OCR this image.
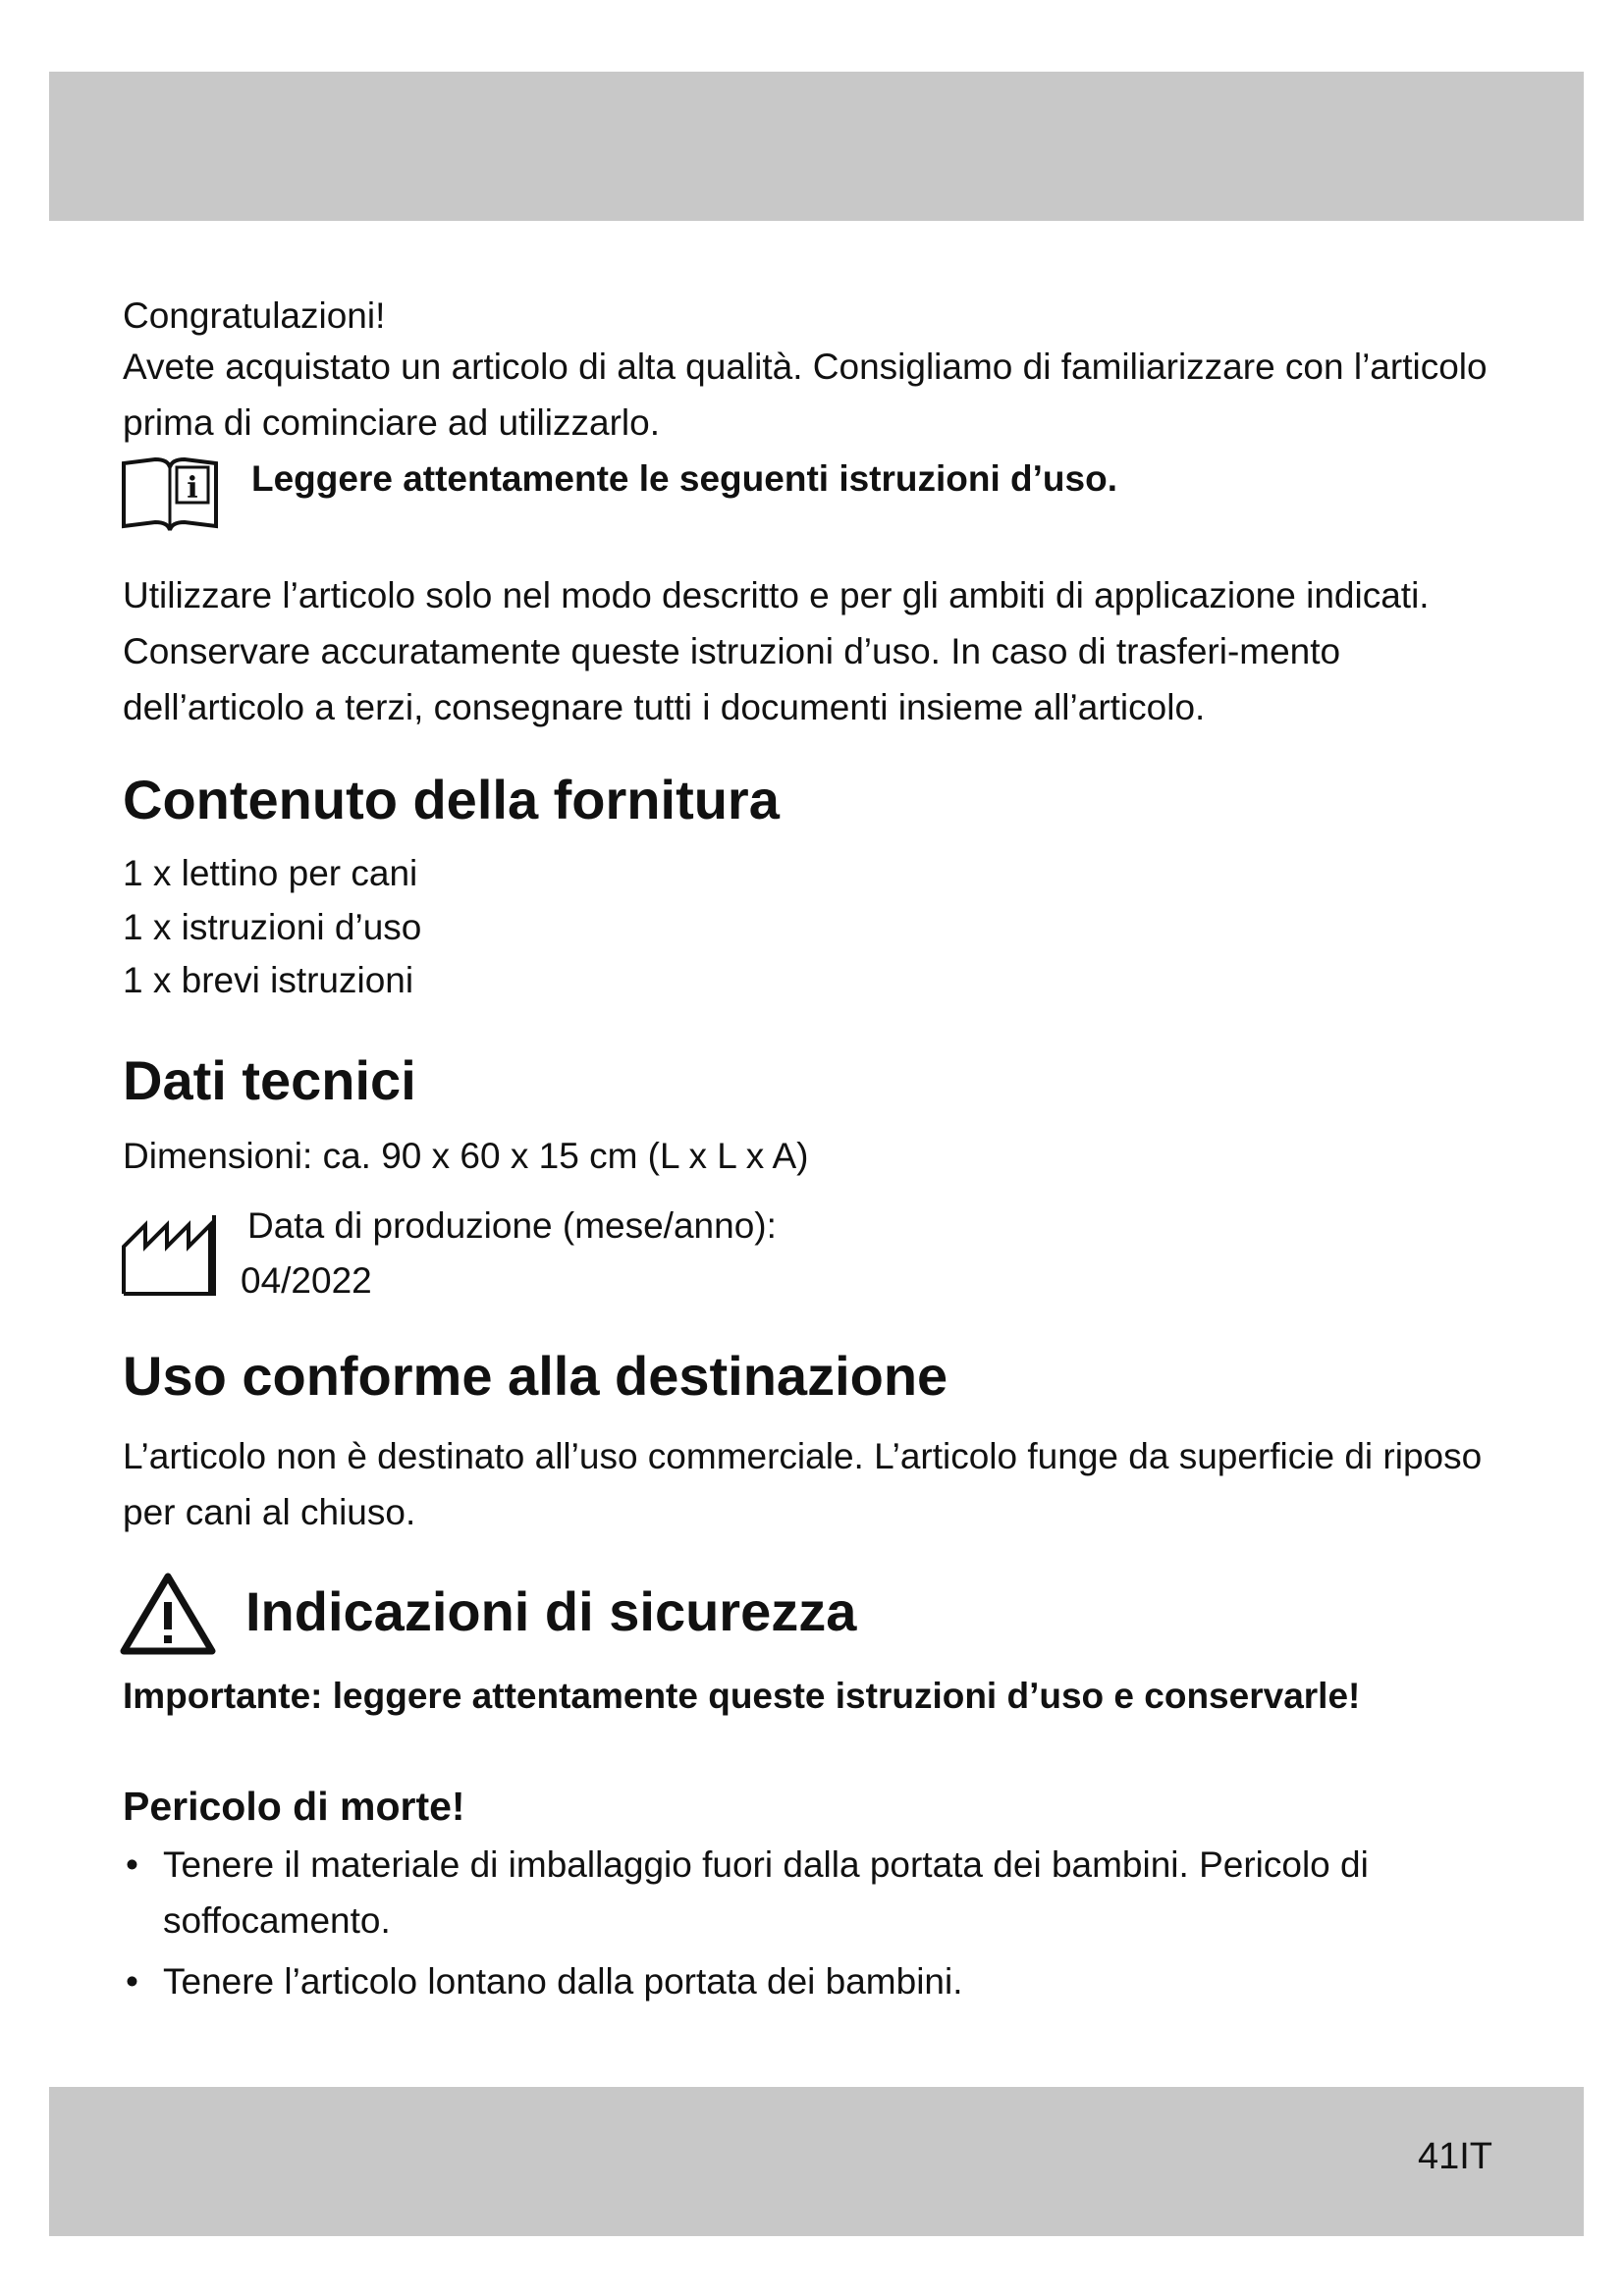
Congratulazioni!

Avete acquistato un articolo di alta qualità. Consigliamo di familiarizzare con l’articolo prima di cominciare ad utilizzarlo.

i Leggere attentamente le seguenti istruzioni d’uso.

Utilizzare l’articolo solo nel modo descritto e per gli ambiti di applicazione indicati. Conservare accuratamente queste istruzioni d’uso. In caso di trasferi-mento dell’articolo a terzi, consegnare tutti i documenti insieme all’articolo.

Contenuto della fornitura

1 x lettino per cani

1 x istruzioni d’uso

1 x brevi istruzioni

Dati tecnici

Dimensioni: ca. 90 x 60 x 15 cm (L x L x A)

Data di produzione (mese/anno):

04/2022

Uso conforme alla destinazione

L’articolo non è destinato all’uso commerciale. L’articolo funge da superficie di riposo per cani al chiuso.

Indicazioni di sicurezza

Importante: leggere attentamente queste istruzioni d’uso e conservarle!

Pericolo di morte!

• Tenere il materiale di imballaggio fuori dalla portata dei bambini. Pericolo di soffocamento.

• Tenere l’articolo lontano dalla portata dei bambini.

41IT
